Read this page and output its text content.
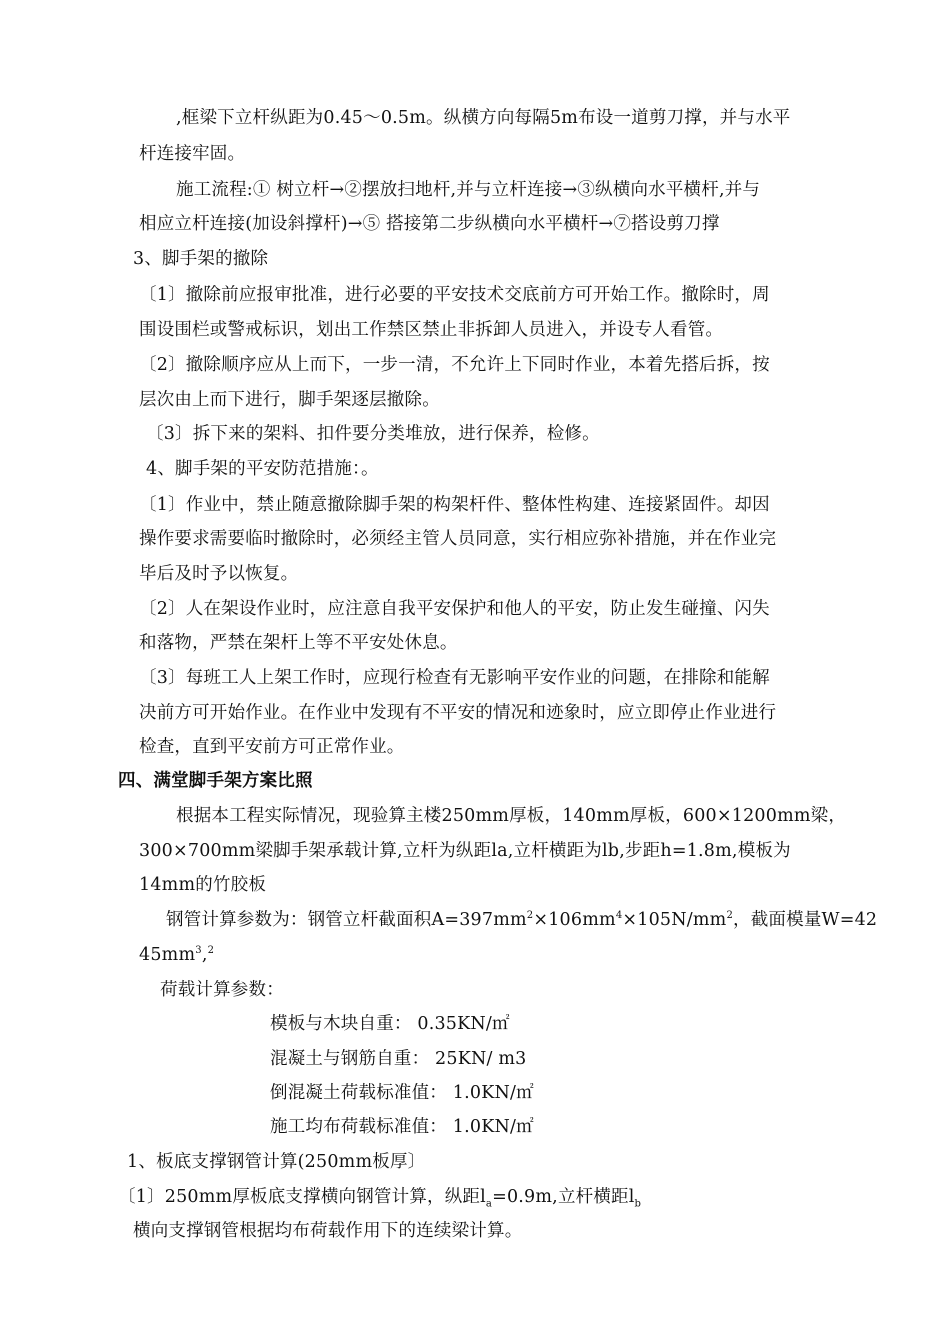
,框梁下立杆纵距为0.45～0.5m。纵横方向每隔5m布设一道剪刀撑，并与水平
杆连接牢固。
施工流程:① 树立杆→②摆放扫地杆,并与立杆连接→③纵横向水平横杆,并与
相应立杆连接(加设斜撑杆)→⑤ 搭接第二步纵横向水平横杆→⑦搭设剪刀撑
3、脚手架的撤除
〔1〕撤除前应报审批准，进行必要的平安技术交底前方可开始工作。撤除时，周
围设围栏或警戒标识，划出工作禁区禁止非拆卸人员进入，并设专人看管。
〔2〕撤除顺序应从上而下，一步一清，不允许上下同时作业，本着先搭后拆，按
层次由上而下进行，脚手架逐层撤除。
〔3〕拆下来的架料、扣件要分类堆放，进行保养，检修。
4、脚手架的平安防范措施：。
〔1〕作业中，禁止随意撤除脚手架的构架杆件、整体性构建、连接紧固件。却因
操作要求需要临时撤除时，必须经主管人员同意，实行相应弥补措施，并在作业完
毕后及时予以恢复。
〔2〕人在架设作业时，应注意自我平安保护和他人的平安，防止发生碰撞、闪失
和落物，严禁在架杆上等不平安处休息。
〔3〕每班工人上架工作时，应现行检查有无影响平安作业的问题，在排除和能解
决前方可开始作业。在作业中发现有不平安的情况和迹象时，应立即停止作业进行
检查，直到平安前方可正常作业。
四、满堂脚手架方案比照
根据本工程实际情况，现验算主楼250mm厚板，140mm厚板，600×1200mm梁，
300×700mm梁脚手架承载计算,立杆为纵距la,立杆横距为lb,步距h=1.8m,模板为
14mm的竹胶板
钢管计算参数为：钢管立杆截面积$A=397mm^2\times 106mm^4\times 105N/mm^2$，截面模量W=42
$45mm^3,^2$
荷载计算参数：
模板与木块自重： 0.35KN/㎡
混凝土与钢筋自重： 25KN/ m3
倒混凝土荷载标准值： 1.0KN/㎡
施工均布荷载标准值： 1.0KN/㎡
1、板底支撑钢管计算(250mm板厚〕
〔1〕250mm厚板底支撑横向钢管计算，纵距$l_a=0.9m$,立杆横距$l_b$
横向支撑钢管根据均布荷载作用下的连续梁计算。
